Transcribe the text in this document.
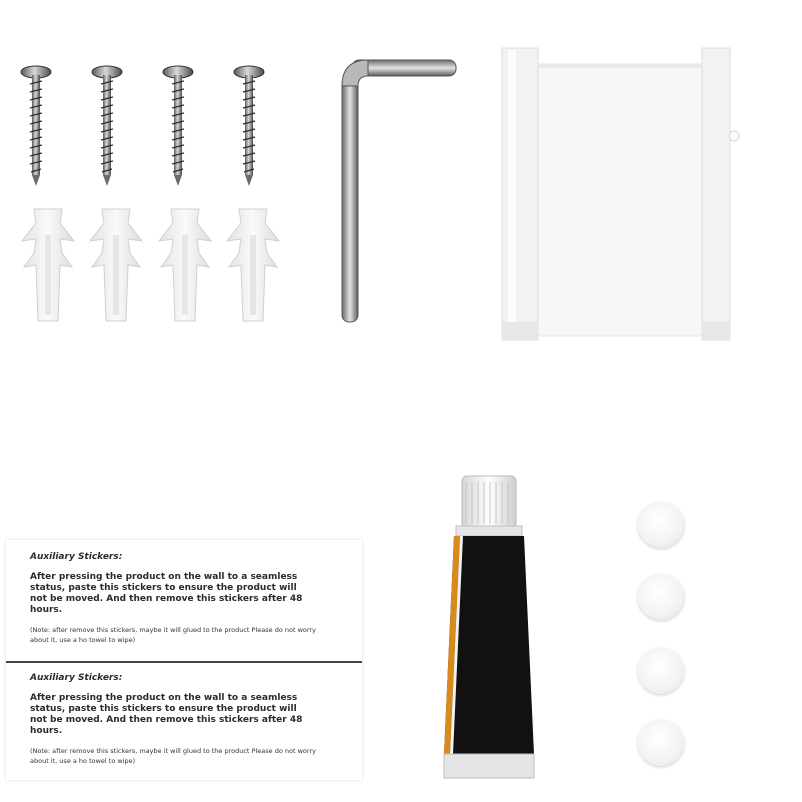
Auxiliary Stickers:

After pressing the product on the wall to a seamless status, paste this stickers to ensure the product will not be moved. And then remove this stickers after 48 hours.

(Note: after remove this stickers, maybe it will glued to the product Please do not worry about it, use a ho towel to wipe)

Auxiliary Stickers:

After pressing the product on the wall to a seamless status, paste this stickers to ensure the product will not be moved. And then remove this stickers after 48 hours.

(Note: after remove this stickers, maybe it will glued to the product Please do not worry about it, use a ho towel to wipe)
